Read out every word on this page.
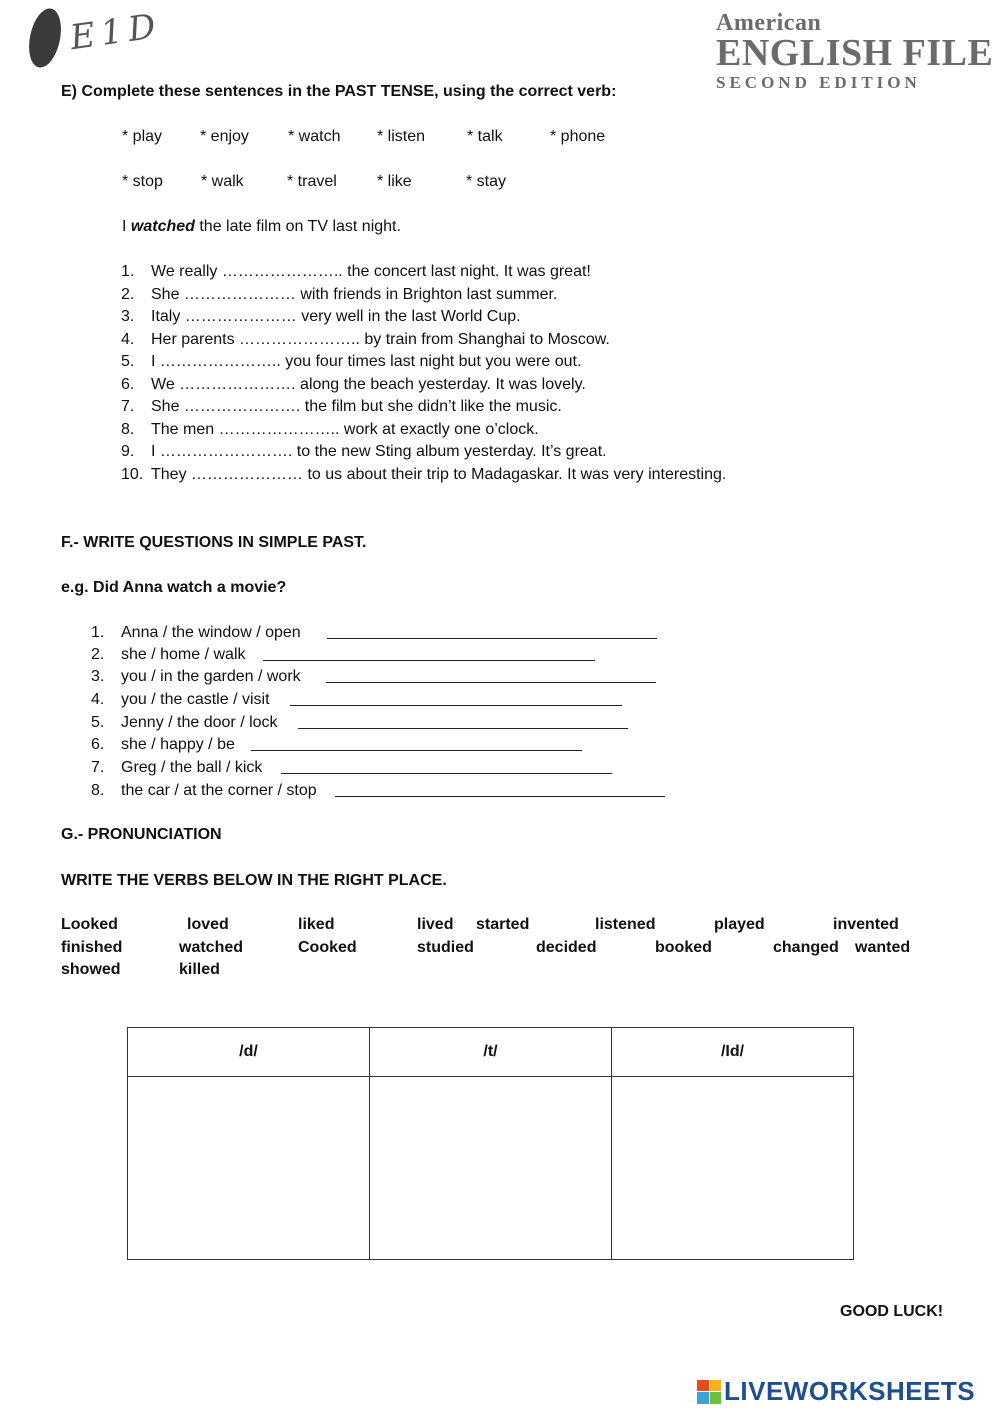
E1D	American
ENGLISH FILE
SECOND EDITION
E) Complete these sentences in the PAST TENSE, using the correct verb:
* play * enjoy * watch * listen	* talk	* phone
* stop * walk	* travel	* like	* stay
I watched the late film on TV last night.
1. We really ………………….. the concert last night. It was great!
2. She ………………… with friends in Brighton last summer.
3. Italy ………………… very well in the last World Cup.
4. Her parents ………………….. by train from Shanghai to Moscow.
5. I ………………….. you four times last night but you were out.
6. We …………………. along the beach yesterday. It was lovely.
7. She …………………. the film but she didn’t like the music.
8. The men ………………….. work at exactly one o’clock.
9. I ……………………. to the new Sting album yesterday. It’s great.
10. They ………………… to us about their trip to Madagaskar. It was very interesting.
F.- WRITE QUESTIONS IN SIMPLE PAST.
e.g. Did Anna watch a movie?
1. Anna / the window / open
2. she / home / walk
3. you / in the garden / work
4. you / the castle / visit
5. Jenny / the door / lock
6. she / happy / be
7. Greg / the ball / kick
8. the car / at the corner / stop
G.- PRONUNCIATION
WRITE THE VERBS BELOW IN THE RIGHT PLACE.
Looked	loved	liked	lived started	listened	played	invented
finished	watched	Cooked	studied	decided	booked	changed wanted
showed	killed
/d/	/t/	/Id/

GOOD LUCK!
LIVEWORKSHEETS
